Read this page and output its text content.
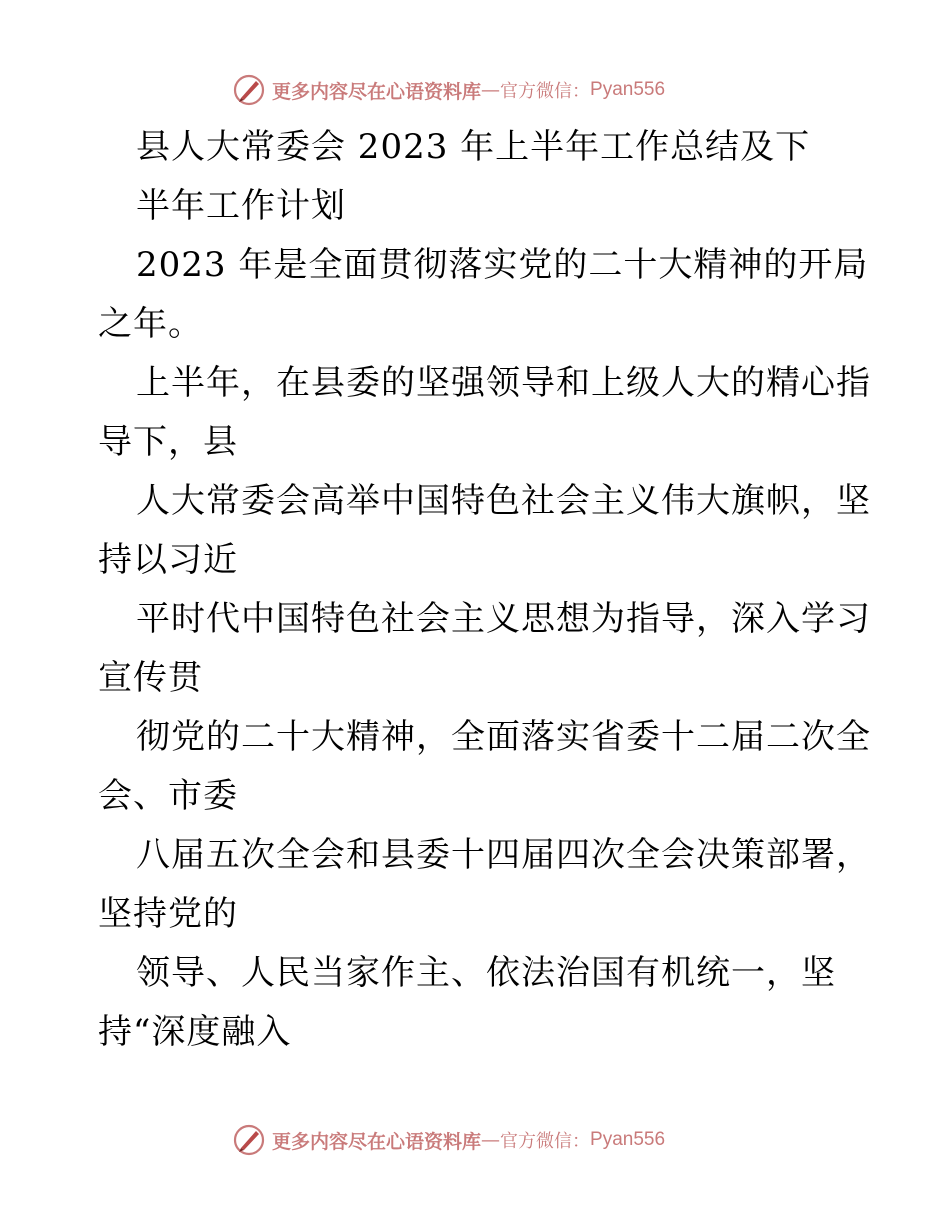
更多内容尽在心语资料库 — 官方微信： Pyan556
县人大常委会 2023 年上半年工作总结及下
半年工作计划
2023 年是全面贯彻落实党的二十大精神的开局
之年。
上半年，在县委的坚强领导和上级人大的精心指
导下，县
人大常委会高举中国特色社会主义伟大旗帜，坚
持以习近
平时代中国特色社会主义思想为指导，深入学习
宣传贯
彻党的二十大精神，全面落实省委十二届二次全
会、市委
八届五次全会和县委十四届四次全会决策部署，
坚持党的
领导、人民当家作主、依法治国有机统一，坚
持“深度融入
更多内容尽在心语资料库 — 官方微信： Pyan556
